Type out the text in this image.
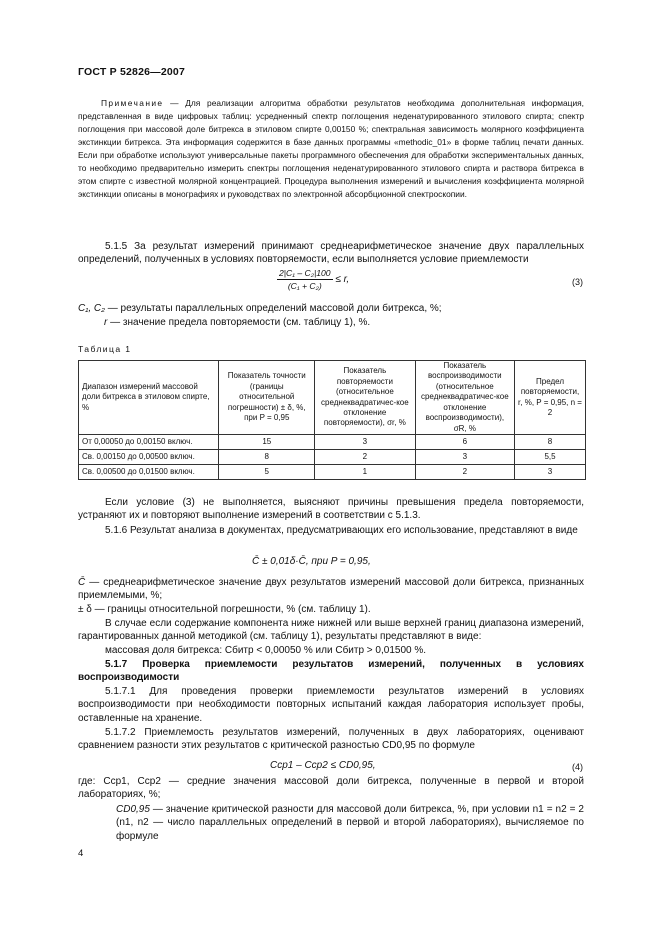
ГОСТ Р 52826—2007
Примечание — Для реализации алгоритма обработки результатов необходима дополнительная информация, представленная в виде цифровых таблиц: усредненный спектр поглощения неденатурированного этилового спирта; спектр поглощения при массовой доле битрекса в этиловом спирте 0,00150 %; спектральная зависимость молярного коэффициента экстинкции битрекса. Эта информация содержится в базе данных программы «methodic_01» в форме таблиц печати данных. Если при обработке используют универсальные пакеты программного обеспечения для обработки экспериментальных данных, то необходимо предварительно измерить спектры поглощения неденатурированного этилового спирта и раствора битрекса в этом спирте с известной молярной концентрацией. Процедура выполнения измерений и вычисления коэффициента молярной экстинкции описаны в монографиях и руководствах по электронной абсорбционной спектроскопии.
5.1.5 За результат измерений принимают среднеарифметическое значение двух параллельных определений, полученных в условиях повторяемости, если выполняется условие приемлемости
$\frac{\text{2|C₁ – C₂|100}}{\text{(C₁ + C₂)}} \le r$,	(3)
C₁, C₂ — результаты параллельных определений массовой доли битрекса, %;
r — значение предела повторяемости (см. таблицу 1), %.
Таблица 1
Диапазон измерений массовой доли битрекса в этиловом спирте, %	Показатель точности (границы относительной погрешности) ± δ, %, при P = 0,95	Показатель повторяемости (относительное среднеквадратичес-кое отклонение повторяемости), σr, %	Показатель воспроизводимости (относительное среднеквадратичес-кое отклонение воспроизводимости), σR, %	Предел повторяемости, r, %, P = 0,95, n = 2
От 0,00050 до 0,00150 включ.	15	3	6	8
Св. 0,00150 до 0,00500 включ.	8	2	3	5,5
Св. 0,00500 до 0,01500 включ.	5	1	2	3
Если условие (3) не выполняется, выясняют причины превышения предела повторяемости, устраняют их и повторяют выполнение измерений в соответствии с 5.1.3.
5.1.6 Результат анализа в документах, предусматривающих его использование, представляют в виде
C̄ ± 0,01δ·C̄, при P = 0,95,
C̄ — среднеарифметическое значение двух результатов измерений массовой доли битрекса, признанных приемлемыми, %;
± δ — границы относительной погрешности, % (см. таблицу 1).
В случае если содержание компонента ниже нижней или выше верхней границ диапазона измерений, гарантированных данной методикой (см. таблицу 1), результаты представляют в виде:
массовая доля битрекса: Cбитр < 0,00050 % или Cбитр > 0,01500 %.
5.1.7 Проверка приемлемости результатов измерений, полученных в условиях воспроизводимости
5.1.7.1 Для проведения проверки приемлемости результатов измерений в условиях воспроизводимости при необходимости повторных испытаний каждая лаборатория использует пробы, оставленные на хранение.
5.1.7.2 Приемлемость результатов измерений, полученных в двух лабораториях, оценивают сравнением разности этих результатов с критической разностью CD0,95 по формуле
Cср1 – Cср2 ≤ CD0,95,	(4)
где: Cср1, Cср2 — средние значения массовой доли битрекса, полученные в первой и второй лабораториях, %;
CD0,95 — значение критической разности для массовой доли битрекса, %, при условии n1 = n2 = 2 (n1, n2 — число параллельных определений в первой и второй лабораториях), вычисляемое по формуле
4
